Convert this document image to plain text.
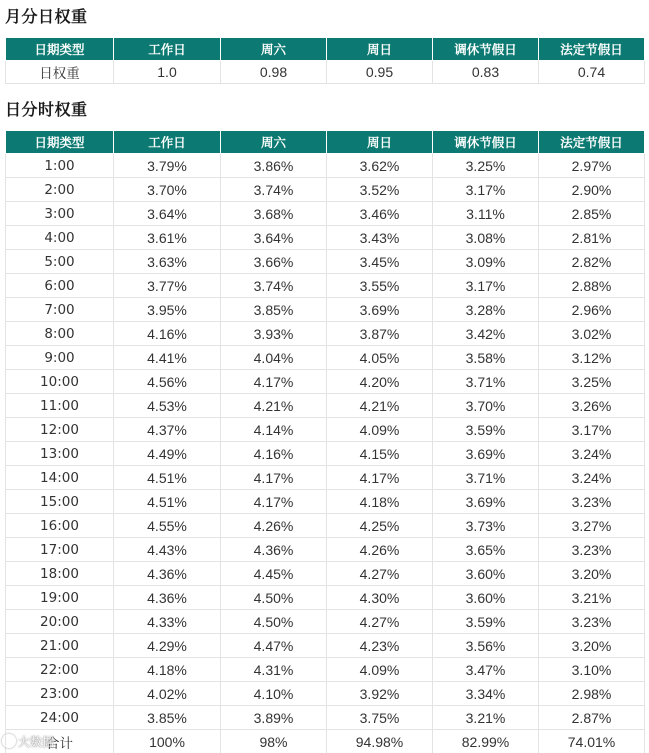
月分日权重
日期类型	工作日	周六	周日	调休节假日	法定节假日
日权重	1.0	0.98	0.95	0.83	0.74
日分时权重
日期类型	工作日	周六	周日	调休节假日	法定节假日
1:00	3.79%	3.86%	3.62%	3.25%	2.97%
2:00	3.70%	3.74%	3.52%	3.17%	2.90%
3:00	3.64%	3.68%	3.46%	3.11%	2.85%
4:00	3.61%	3.64%	3.43%	3.08%	2.81%
5:00	3.63%	3.66%	3.45%	3.09%	2.82%
6:00	3.77%	3.74%	3.55%	3.17%	2.88%
7:00	3.95%	3.85%	3.69%	3.28%	2.96%
8:00	4.16%	3.93%	3.87%	3.42%	3.02%
9:00	4.41%	4.04%	4.05%	3.58%	3.12%
10:00	4.56%	4.17%	4.20%	3.71%	3.25%
11:00	4.53%	4.21%	4.21%	3.70%	3.26%
12:00	4.37%	4.14%	4.09%	3.59%	3.17%
13:00	4.49%	4.16%	4.15%	3.69%	3.24%
14:00	4.51%	4.17%	4.17%	3.71%	3.24%
15:00	4.51%	4.17%	4.18%	3.69%	3.23%
16:00	4.55%	4.26%	4.25%	3.73%	3.27%
17:00	4.43%	4.36%	4.26%	3.65%	3.23%
18:00	4.36%	4.45%	4.27%	3.60%	3.20%
19:00	4.36%	4.50%	4.30%	3.60%	3.21%
20:00	4.33%	4.50%	4.27%	3.59%	3.23%
21:00	4.29%	4.47%	4.23%	3.56%	3.20%
22:00	4.18%	4.31%	4.09%	3.47%	3.10%
23:00	4.02%	4.10%	3.92%	3.34%	2.98%
24:00	3.85%	3.89%	3.75%	3.21%	2.87%
合计	100%	98%	94.98%	82.99%	74.01%
大数据
